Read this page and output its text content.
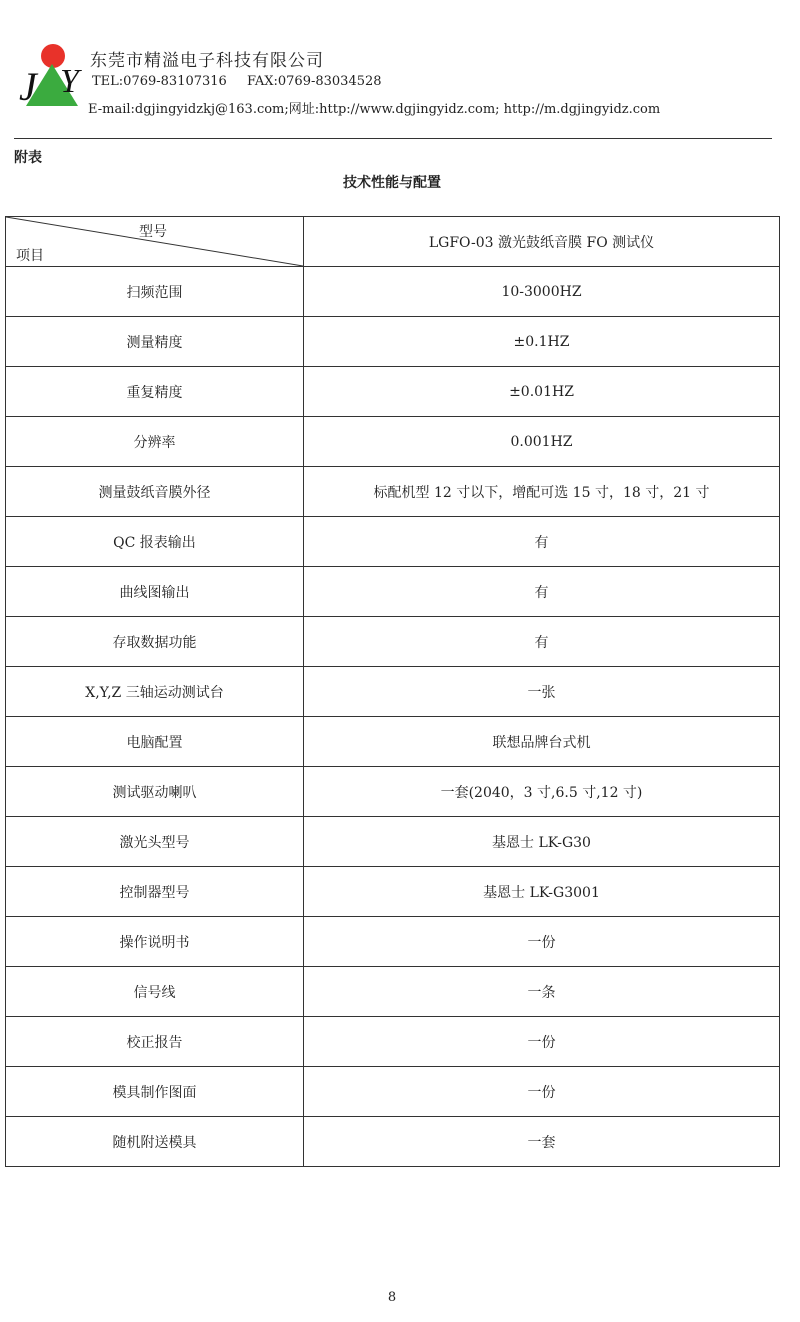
J Y
东莞市精溢电子科技有限公司
TEL:0769-83107316 FAX:0769-83034528
E-mail:dgjingyidzkj@163.com;网址:http://www.dgjingyidz.com; http://m.dgjingyidz.com
附表
技术性能与配置
型号
项目	LGFO-03 激光鼓纸音膜 FO 测试仪
扫频范围	10-3000HZ
测量精度	±0.1HZ
重复精度	±0.01HZ
分辨率	0.001HZ
测量鼓纸音膜外径	标配机型 12 寸以下，增配可选 15 寸，18 寸，21 寸
QC 报表输出	有
曲线图输出	有
存取数据功能	有
X,Y,Z 三轴运动测试台	一张
电脑配置	联想品牌台式机
测试驱动喇叭	一套(2040，3 寸,6.5 寸,12 寸)
激光头型号	基恩士 LK-G30
控制器型号	基恩士 LK-G3001
操作说明书	一份
信号线	一条
校正报告	一份
模具制作图面	一份
随机附送模具	一套
8
